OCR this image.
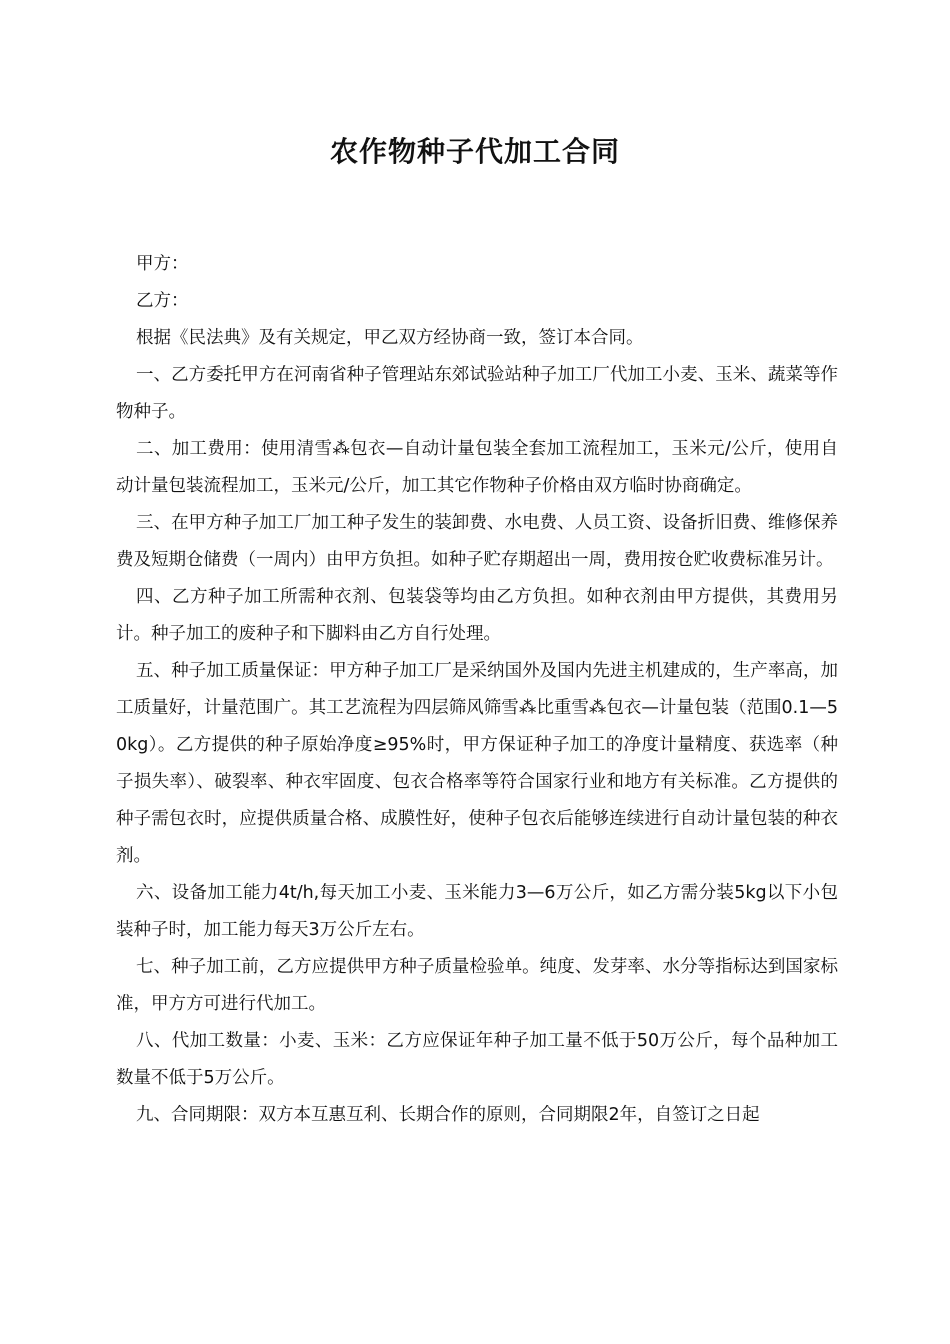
农作物种子代加工合同

甲方：

乙方：

根据《民法典》及有关规定，甲乙双方经协商一致，签订本合同。

一、乙方委托甲方在河南省种子管理站东郊试验站种子加工厂代加工小麦、玉米、蔬菜等作物种子。

二、加工费用：使用清雪⁂包衣—自动计量包装全套加工流程加工，玉米元/公斤，使用自动计量包装流程加工，玉米元/公斤，加工其它作物种子价格由双方临时协商确定。

三、在甲方种子加工厂加工种子发生的装卸费、水电费、人员工资、设备折旧费、维修保养费及短期仓储费（一周内）由甲方负担。如种子贮存期超出一周，费用按仓贮收费标准另计。

四、乙方种子加工所需种衣剂、包装袋等均由乙方负担。如种衣剂由甲方提供，其费用另计。种子加工的废种子和下脚料由乙方自行处理。

五、种子加工质量保证：甲方种子加工厂是采纳国外及国内先进主机建成的，生产率高，加工质量好，计量范围广。其工艺流程为四层筛风筛雪⁂比重雪⁂包衣—计量包装（范围0.1—50kg）。乙方提供的种子原始净度≥95%时，甲方保证种子加工的净度计量精度、获选率（种子损失率）、破裂率、种衣牢固度、包衣合格率等符合国家行业和地方有关标准。乙方提供的种子需包衣时，应提供质量合格、成膜性好，使种子包衣后能够连续进行自动计量包装的种衣剂。

六、设备加工能力4t/h,每天加工小麦、玉米能力3—6万公斤，如乙方需分装5kg以下小包装种子时，加工能力每天3万公斤左右。

七、种子加工前，乙方应提供甲方种子质量检验单。纯度、发芽率、水分等指标达到国家标准，甲方方可进行代加工。

八、代加工数量：小麦、玉米：乙方应保证年种子加工量不低于50万公斤，每个品种加工数量不低于5万公斤。

九、合同期限：双方本互惠互利、长期合作的原则，合同期限2年，自签订之日起
